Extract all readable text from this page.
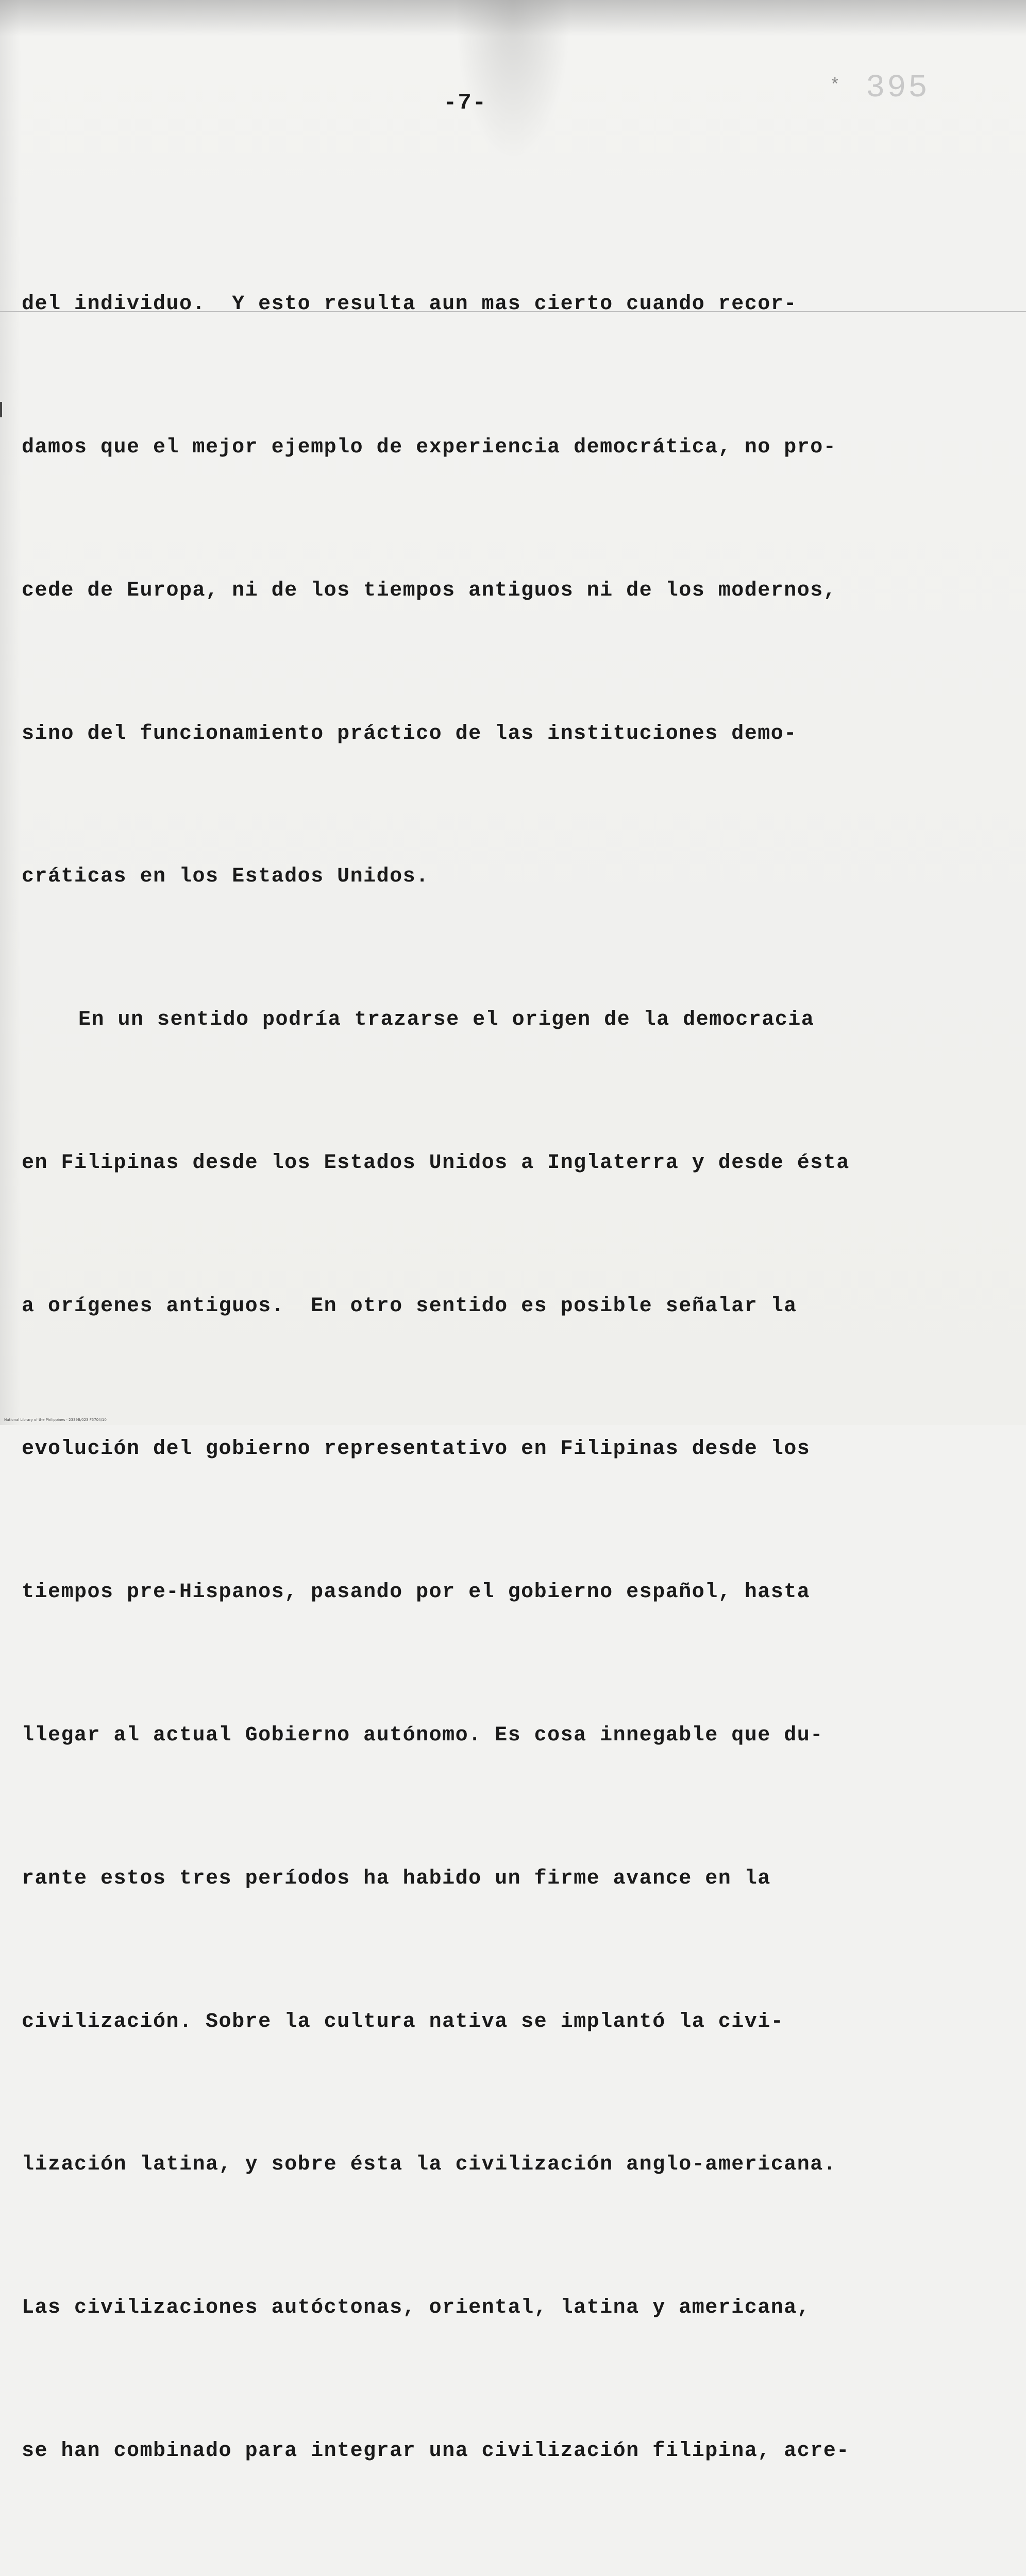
-7-
* 395

del individuo.  Y esto resulta aun mas cierto cuando recor-

damos que el mejor ejemplo de experiencia democrática, no pro-

cede de Europa, ni de los tiempos antiguos ni de los modernos,

sino del funcionamiento práctico de las instituciones demo-

cráticas en los Estados Unidos.

En un sentido podría trazarse el origen de la democracia

en Filipinas desde los Estados Unidos a Inglaterra y desde ésta

a orígenes antiguos.  En otro sentido es posible señalar la

evolución del gobierno representativo en Filipinas desde los

tiempos pre-Hispanos, pasando por el gobierno español, hasta

llegar al actual Gobierno autónomo. Es cosa innegable que du-

rante estos tres períodos ha habido un firme avance en la

civilización. Sobre la cultura nativa se implantó la civi-

lización latina, y sobre ésta la civilización anglo-americana.

Las civilizaciones autóctonas, oriental, latina y americana,

se han combinado para integrar una civilización filipina, acre-

National Library of the Philippines · 2339B/023 F5704/10
